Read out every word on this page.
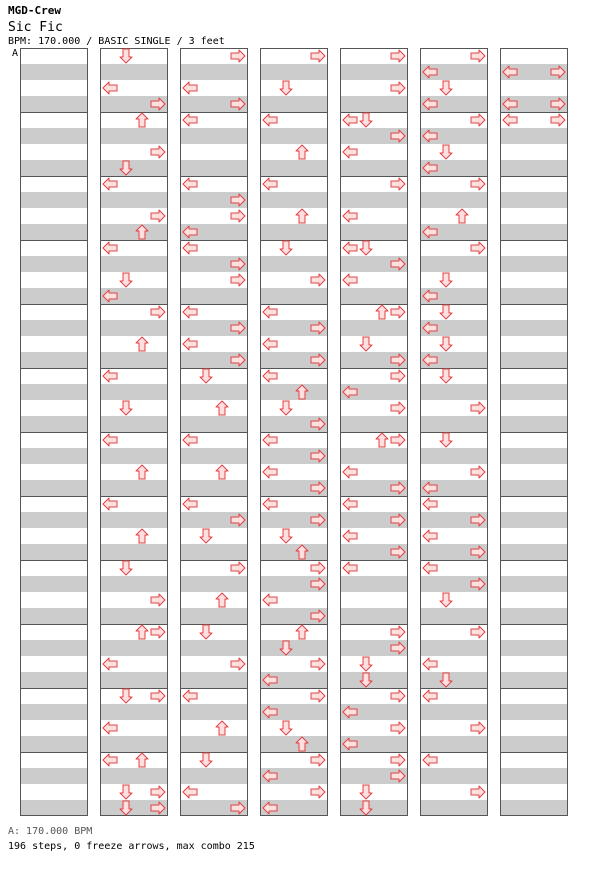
MGD-Crew
Sic Fic
BPM: 170.000 / BASIC SINGLE / 3 feet
A
A: 170.000 BPM
196 steps, 0 freeze arrows, max combo 215
